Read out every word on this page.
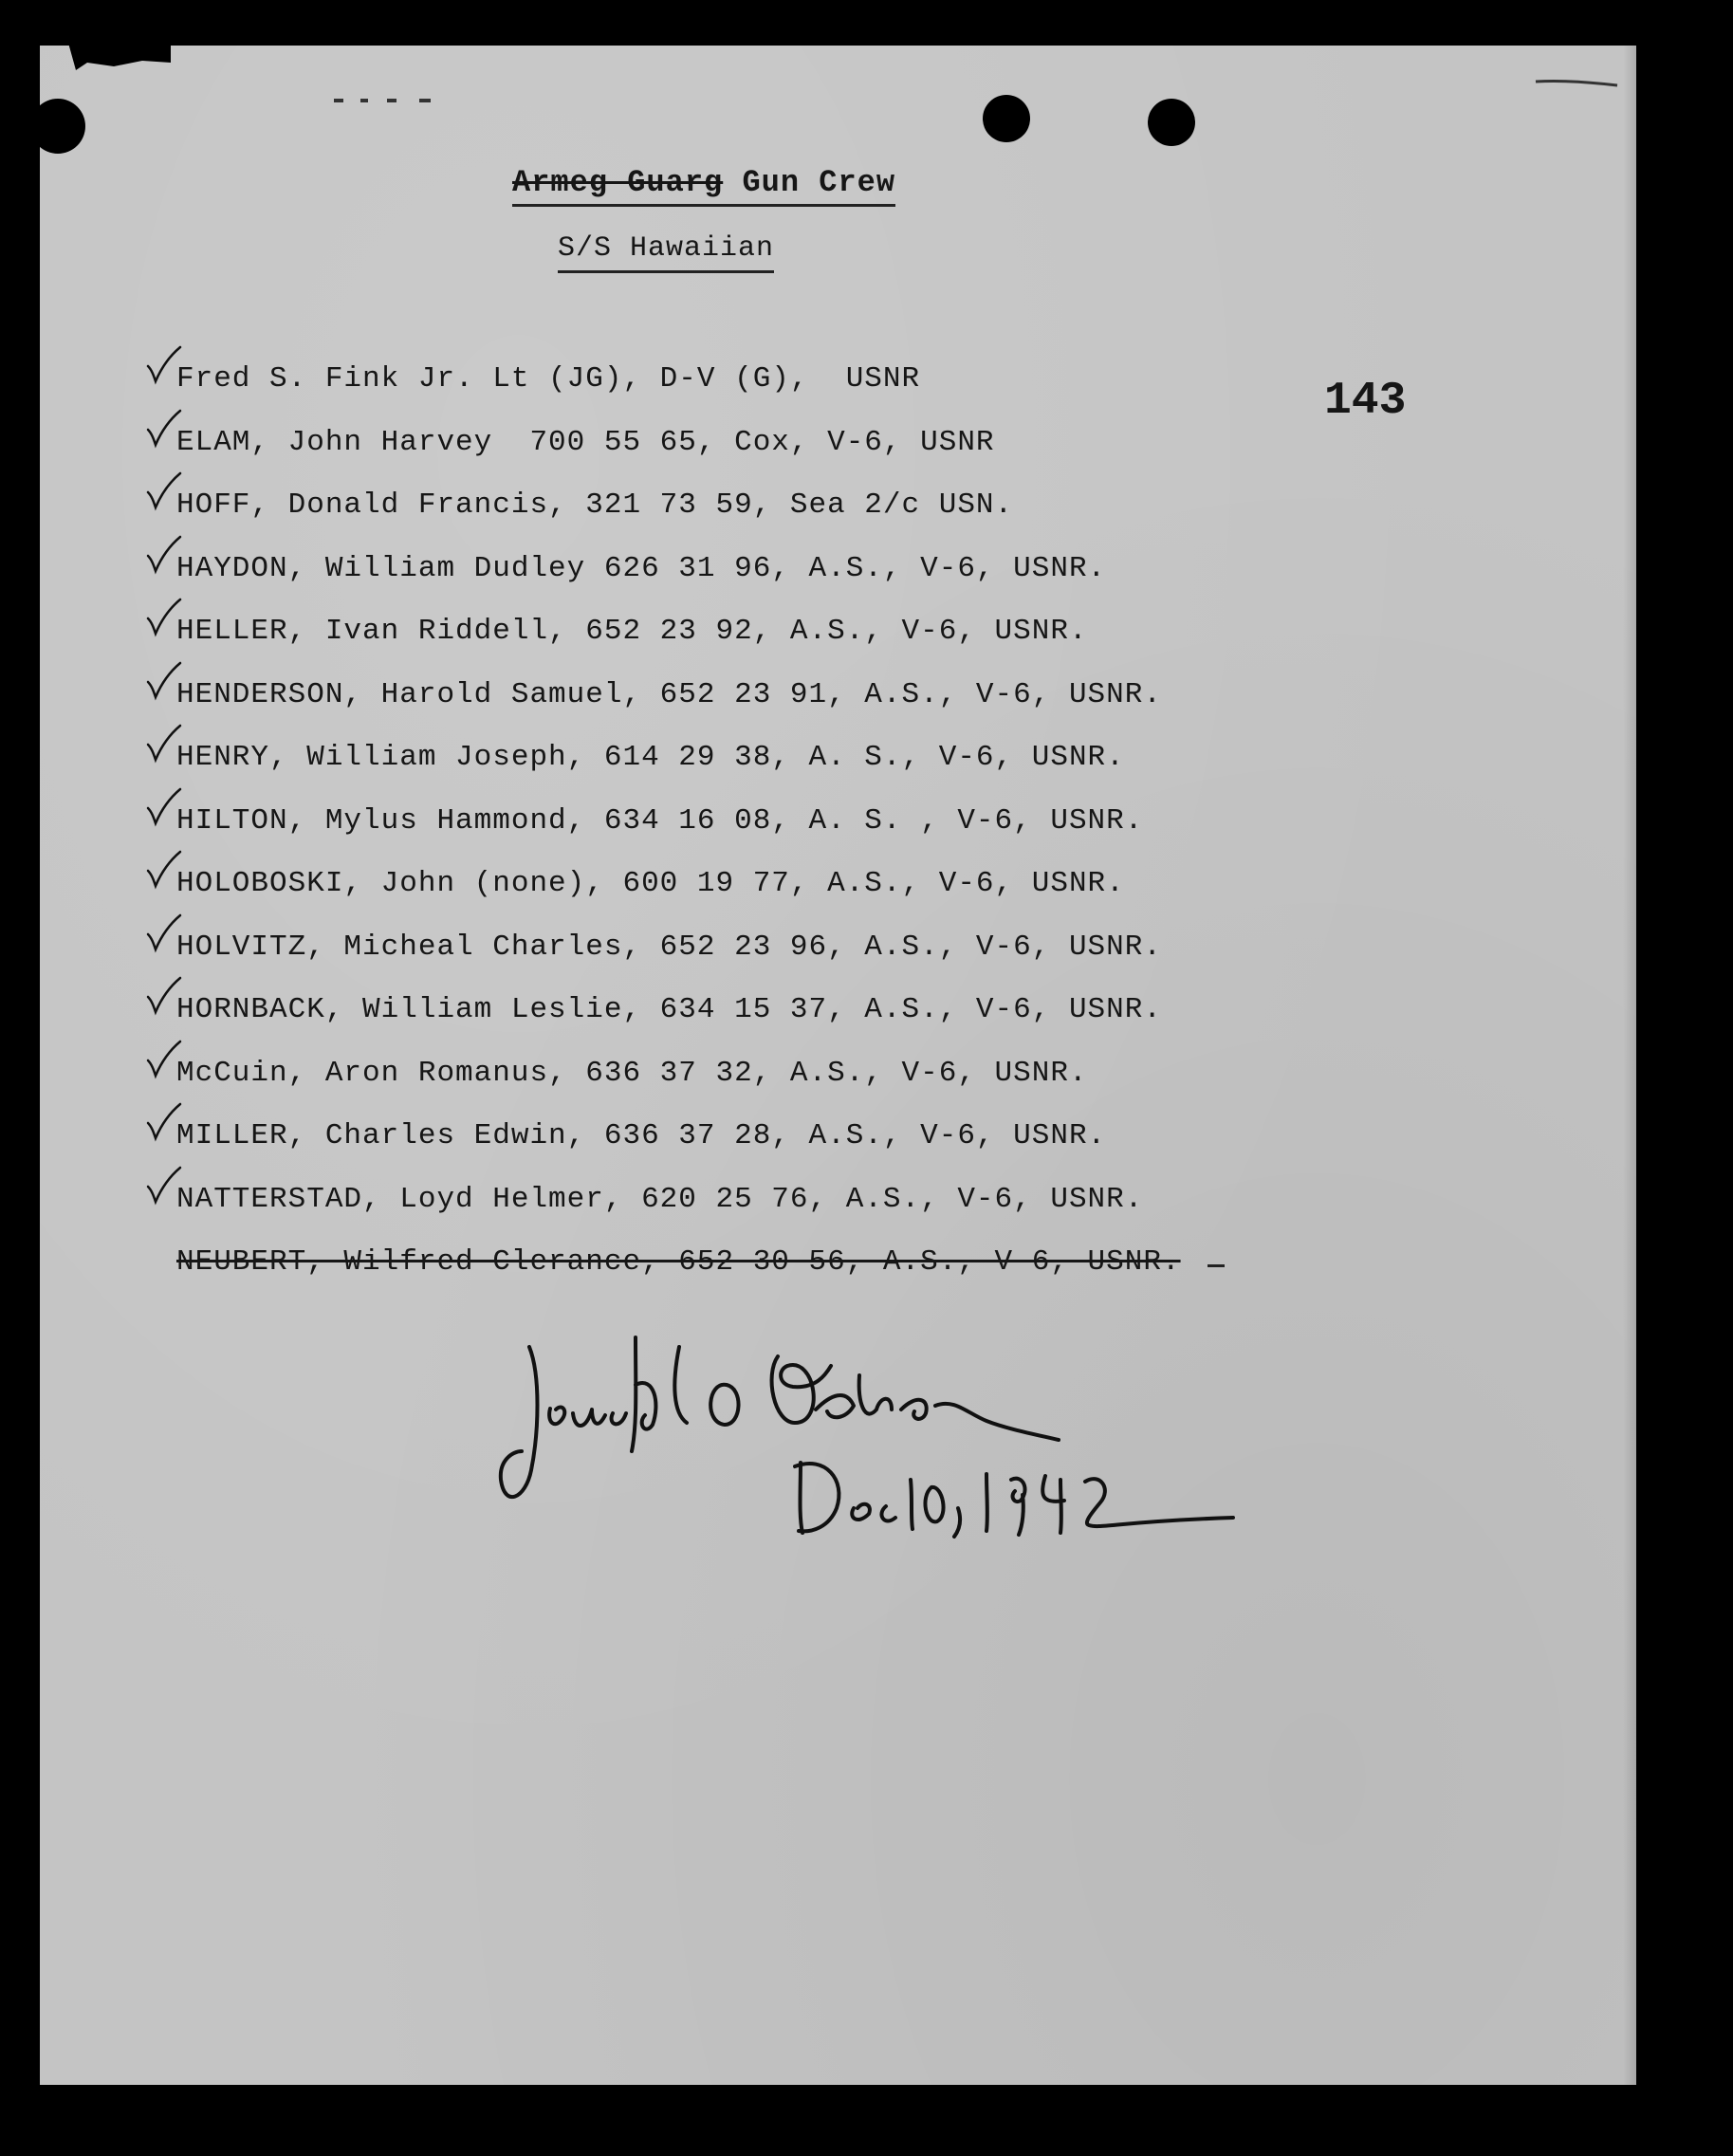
Armeg Guarg Gun Crew
S/S Hawaiian
143
Fred S. Fink Jr. Lt (JG), D-V (G),  USNR
ELAM, John Harvey  700 55 65, Cox, V-6, USNR
HOFF, Donald Francis, 321 73 59, Sea 2/c USN.
HAYDON, William Dudley 626 31 96, A.S., V-6, USNR.
HELLER, Ivan Riddell, 652 23 92, A.S., V-6, USNR.
HENDERSON, Harold Samuel, 652 23 91, A.S., V-6, USNR.
HENRY, William Joseph, 614 29 38, A. S., V-6, USNR.
HILTON, Mylus Hammond, 634 16 08, A. S. , V-6, USNR.
HOLOBOSKI, John (none), 600 19 77, A.S., V-6, USNR.
HOLVITZ, Micheal Charles, 652 23 96, A.S., V-6, USNR.
HORNBACK, William Leslie, 634 15 37, A.S., V-6, USNR.
McCuin, Aron Romanus, 636 37 32, A.S., V-6, USNR.
MILLER, Charles Edwin, 636 37 28, A.S., V-6, USNR.
NATTERSTAD, Loyd Helmer, 620 25 76, A.S., V-6, USNR.
NEUBERT, Wilfred Clerance, 652 30 56, A.S., V-6, USNR.
